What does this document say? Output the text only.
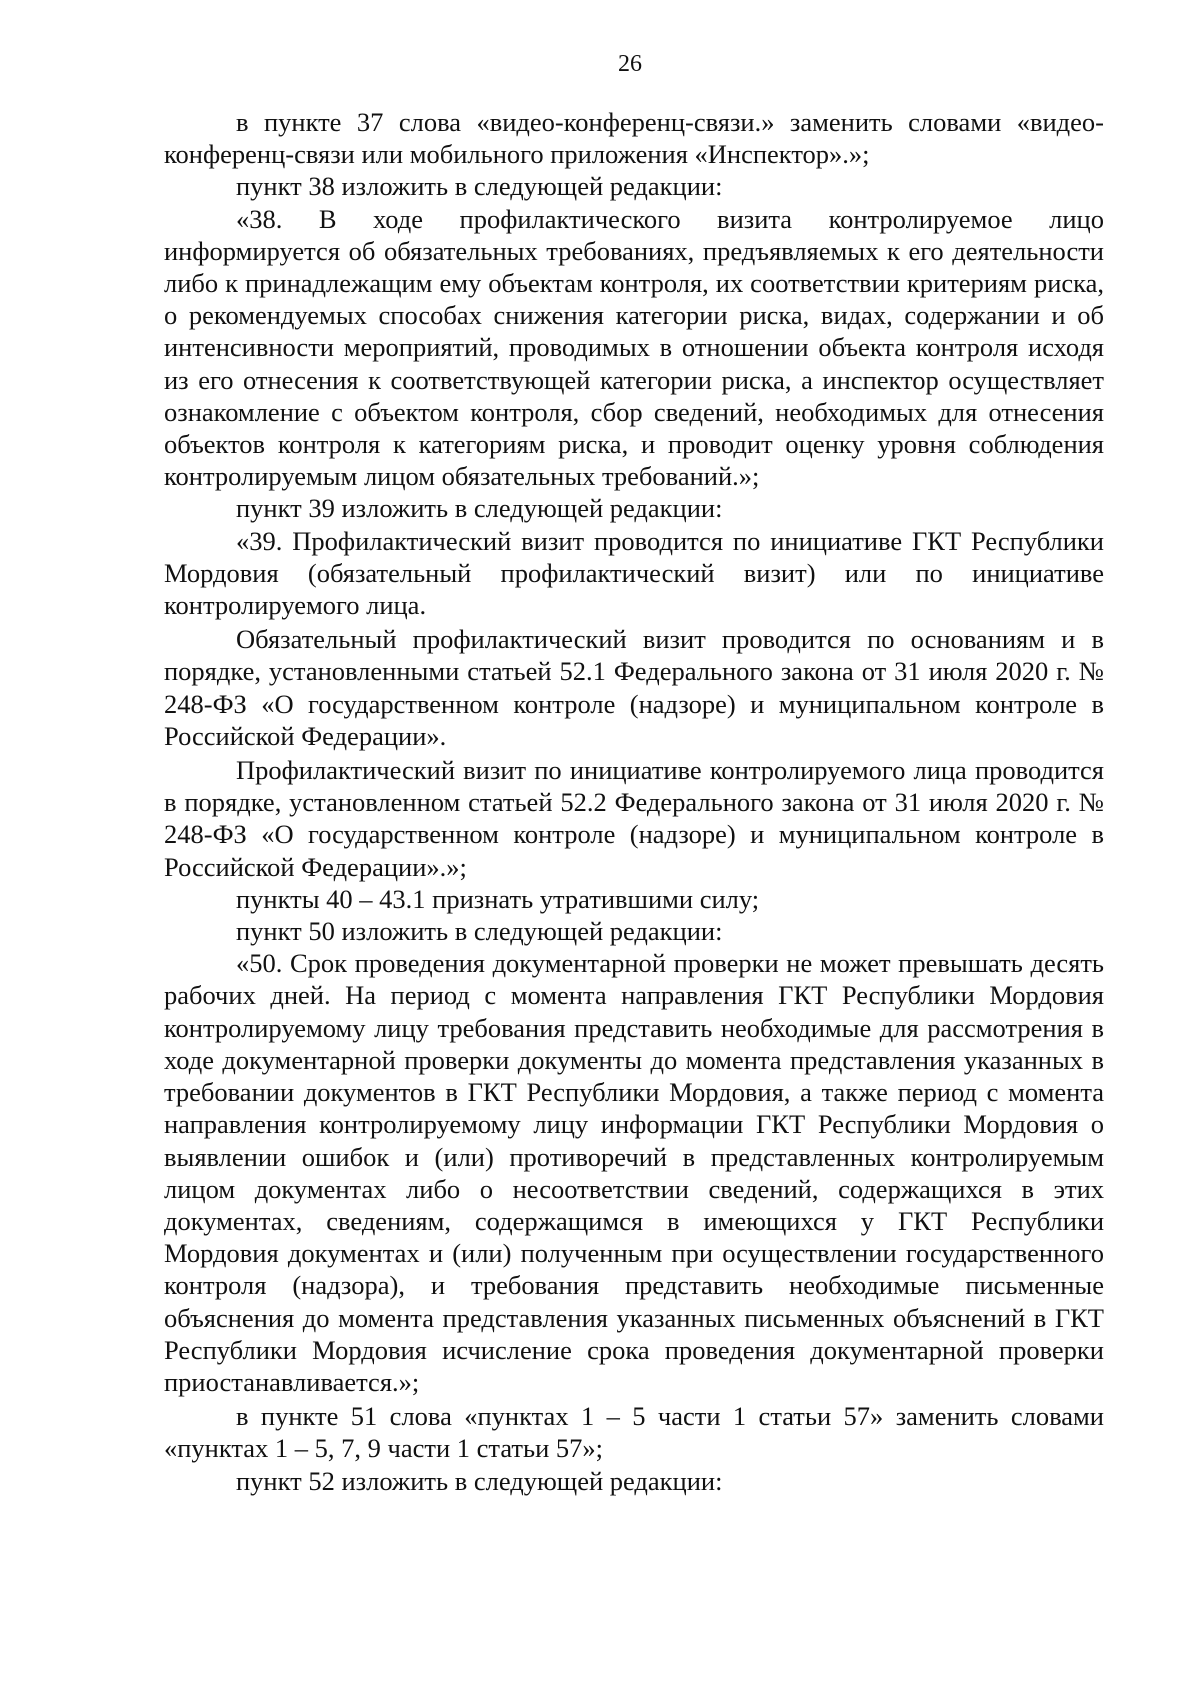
26

в пункте 37 слова «видео-конференц-связи.» заменить словами «видео-конференц-связи или мобильного приложения «Инспектор».»;

пункт 38 изложить в следующей редакции:

«38. В ходе профилактического визита контролируемое лицо информируется об обязательных требованиях, предъявляемых к его деятельности либо к принадлежащим ему объектам контроля, их соответствии критериям риска, о рекомендуемых способах снижения категории риска, видах, содержании и об интенсивности мероприятий, проводимых в отношении объекта контроля исходя из его отнесения к соответствующей категории риска, а инспектор осуществляет ознакомление с объектом контроля, сбор сведений, необходимых для отнесения объектов контроля к категориям риска, и проводит оценку уровня соблюдения контролируемым лицом обязательных требований.»;

пункт 39 изложить в следующей редакции:

«39. Профилактический визит проводится по инициативе ГКТ Республики Мордовия (обязательный профилактический визит) или по инициативе контролируемого лица.

Обязательный профилактический визит проводится по основаниям и в порядке, установленными статьей 52.1 Федерального закона от 31 июля 2020 г. № 248-ФЗ «О государственном контроле (надзоре) и муниципальном контроле в Российской Федерации».

Профилактический визит по инициативе контролируемого лица проводится в порядке, установленном статьей 52.2 Федерального закона от 31 июля 2020 г. № 248-ФЗ «О государственном контроле (надзоре) и муниципальном контроле в Российской Федерации».»;

пункты 40 – 43.1 признать утратившими силу;

пункт 50 изложить в следующей редакции:

«50. Срок проведения документарной проверки не может превышать десять рабочих дней. На период с момента направления ГКТ Республики Мордовия контролируемому лицу требования представить необходимые для рассмотрения в ходе документарной проверки документы до момента представления указанных в требовании документов в ГКТ Республики Мордовия, а также период с момента направления контролируемому лицу информации ГКТ Республики Мордовия о выявлении ошибок и (или) противоречий в представленных контролируемым лицом документах либо о несоответствии сведений, содержащихся в этих документах, сведениям, содержащимся в имеющихся у ГКТ Республики Мордовия документах и (или) полученным при осуществлении государственного контроля (надзора), и требования представить необходимые письменные объяснения до момента представления указанных письменных объяснений в ГКТ Республики Мордовия исчисление срока проведения документарной проверки приостанавливается.»;

в пункте 51 слова «пунктах 1 – 5 части 1 статьи 57» заменить словами «пунктах 1 – 5, 7, 9 части 1 статьи 57»;

пункт 52 изложить в следующей редакции:
